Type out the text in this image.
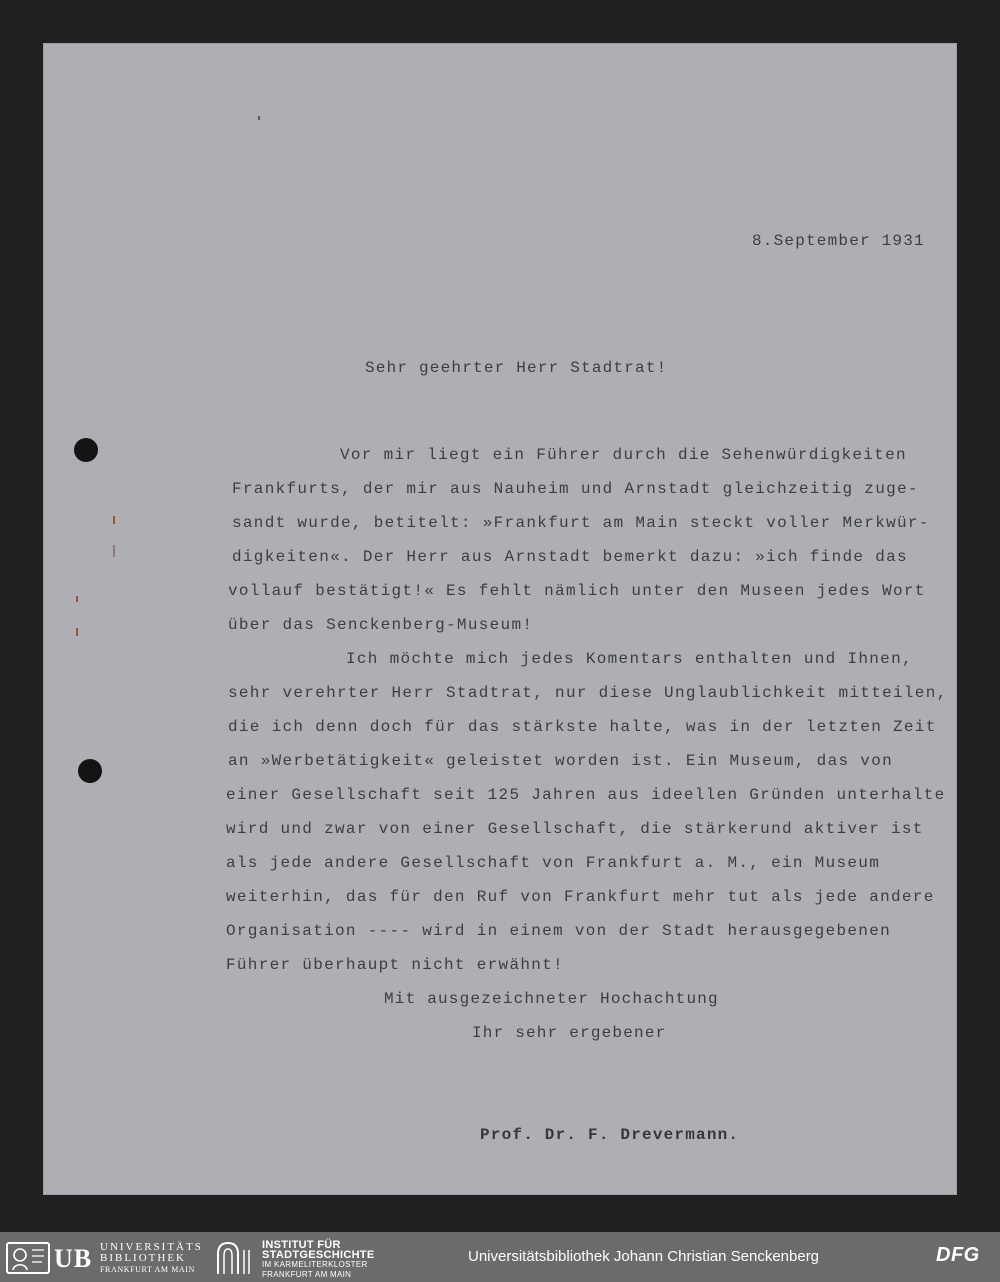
8.September 1931

Sehr geehrter Herr Stadtrat!

Vor mir liegt ein Führer durch die Sehenwürdigkeiten
Frankfurts, der mir aus Nauheim und Arnstadt gleichzeitig zuge-
sandt wurde, betitelt: »Frankfurt am Main steckt voller Merkwür-
digkeiten«. Der Herr aus Arnstadt bemerkt dazu: »ich finde das
vollauf bestätigt!« Es fehlt nämlich unter den Museen jedes Wort
über das Senckenberg-Museum!
Ich möchte mich jedes Komentars enthalten und Ihnen,
sehr verehrter Herr Stadtrat, nur diese Unglaublichkeit mitteilen,
die ich denn doch für das stärkste halte, was in der letzten Zeit
an »Werbetätigkeit« geleistet worden ist. Ein Museum, das von
einer Gesellschaft seit 125 Jahren aus ideellen Gründen unterhalte
wird und zwar von einer Gesellschaft, die stärkerund aktiver ist
als jede andere Gesellschaft von Frankfurt a. M., ein Museum
weiterhin, das für den Ruf von Frankfurt mehr tut als jede andere
Organisation ---- wird in einem von der Stadt herausgegebenen
Führer überhaupt nicht erwähnt!

Mit ausgezeichneter Hochachtung

Ihr sehr ergebener

Prof. Dr. F. Drevermann.

UB UNIVERSITÄTS
BIBLIOTHEK
FRANKFURT AM MAIN
INSTITUT FÜR
STADTGESCHICHTE
IM KARMELITERKLOSTER
FRANKFURT AM MAIN
Universitätsbibliothek Johann Christian Senckenberg	DFG
